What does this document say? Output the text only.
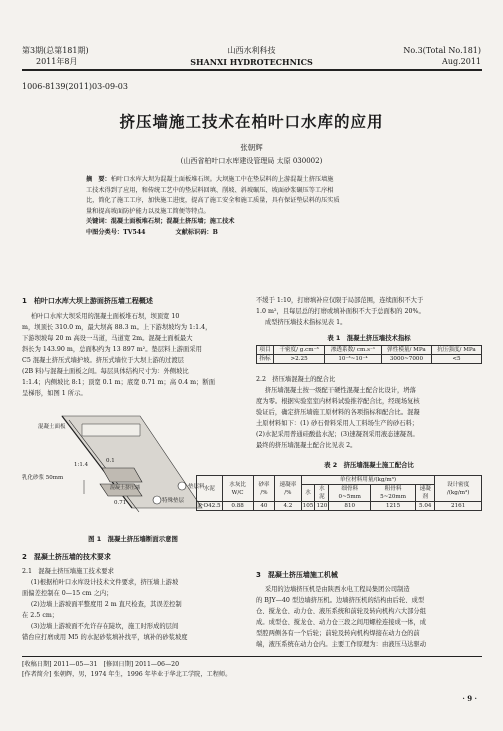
第3期(总第181期)
2011年8月
山西水利科技
SHANXI HYDROTECHNICS
No.3(Total No.181)
Aug.2011
1006-8139(2011)03-09-03
挤压墙施工技术在柏叶口水库的应用
张朝辉
(山西省柏叶口水库建设管理局 太原 030002)
摘　要：柏叶口水库大坝为混凝土面板堆石坝。大坝施工中在垫层料的上游混凝土挤压墙施
工技术得到了应用，和传统工艺中的垫层料回填、削坡、斜坡碾压、坡面砂浆碾压等工序相
比，简化了施工工序，加快施工进度，提高了施工安全和施工质量，具有保证垫层料的压实质
量和提高坡面防护能力以及施工简便等特点。
关键词：混凝土面板堆石坝；混凝土挤压墙；施工技术
中图分类号：TV544	文献标识码：B
1　柏叶口水库大坝上游面挤压墙工程概述
柏叶口水库大坝采用的混凝土面板堆石坝，坝顶宽 10
m，坝顶长 310.0 m，最大坝高 88.3 m。上下游坝坡均为 1:1.4，
下游坝坡每 20 m 高设一马道，马道宽 2m。混凝土面板最大
斜长为 143.90 m，总面积约为 13 897 m²。垫层料上游面采用
C5 混凝土挤压式墙护坡。挤压式墙位于大坝上游的过渡层
(2B 料)与混凝土面板之间。每层具体结构尺寸为：外侧坡比
1:1.4；内侧坡比 8:1；顶宽 0.1 m；底宽 0.71 m；高 0.4 m；断面
呈梯形，如图 1 所示。
混凝土面板
乳化砂浆 50mm
1:1.4
0.1
混凝土挤压墙	垫层料
特殊垫层
0.71
图 1　混凝土挤压墙断面示意图
2　混凝土挤压墙的技术要求
2.1　混凝土挤压墙施工技术要求
(1)根据柏叶口水库设计技术文件要求，挤压墙上游坡
面偏差控制在 0—15 cm 之内；
(2)边墙上游坡面平整度用 2 m 直尺检查，其误差控制
在 2.5 cm；
(3)边墙上游坡面不允许存在陡坎，施工时形成的层间
错台应打磨或用 M5 的水泥砂浆填补找平，填补的砂浆坡度
不缓于 1:10，打磨填补应仅限于局部范围，连续面积不大于
1.0 m²，且每层总的打磨或填补面积不大于总面积的 20%。
成型挤压墙技术指标见表 1。
表 1　混凝土挤压墙技术指标
项目	干密度/ g.cm⁻³	渗透系数/ cm.s⁻¹	弹性模量/ MPa	抗压强度/ MPa

指标	>2.25	10⁻³~10⁻⁴	3000~7000	<5
2.2　挤压墙混凝土的配合比
挤压墙混凝土按一级配干硬性混凝土配合比设计，坍落
度为零。根据实验室室内材料试验推荐配合比，经现场复核
验证后，确定挤压墙施工原材料的各项指标和配合比。混凝
土原材料如下：(1) 砂石骨料采用人工料场生产的砂石料；
(2)水泥采用普通硅酸盐水泥；(3)速凝剂采用液态速凝剂。
最终的挤压墙混凝土配合比见表 2。
表 2　挤压墙混凝土施工配合比
水泥	水灰比 W/C	砂率 /%	速凝率 /%	单位材料用量/(kg/m³)					设计密度 /(kg/m³)
				水	水泥	细骨料 0~5mm	粗骨料 5~20mm	速凝剂	
P·O42.5	0.88	40	4.2	105	120	810	1215	5.04	2161
3　混凝土挤压墙施工机械
采用的边墙挤压机是由陕西水电工程局集团公司制造
的 BJY—40 型边墙挤压机。边墙挤压机的结构由后轮、成型
仓、搅龙仓、动力仓、液压系统和前轮及转向机构六大部分组
成。成型仓、搅龙仓、动力仓三段之间用螺栓连接成一体，成
型腔两侧各有一个后轮；前轮及转向机构焊接在动力仓的前
端，液压系统在动力仓内。主要工作原理为：由液压马达驱动
[收稿日期] 2011—05—31　[修回日期] 2011—06—20
[作者简介] 张朝辉，男，1974 年生，1996 年毕业于华北工学院，工程师。
· 9 ·
